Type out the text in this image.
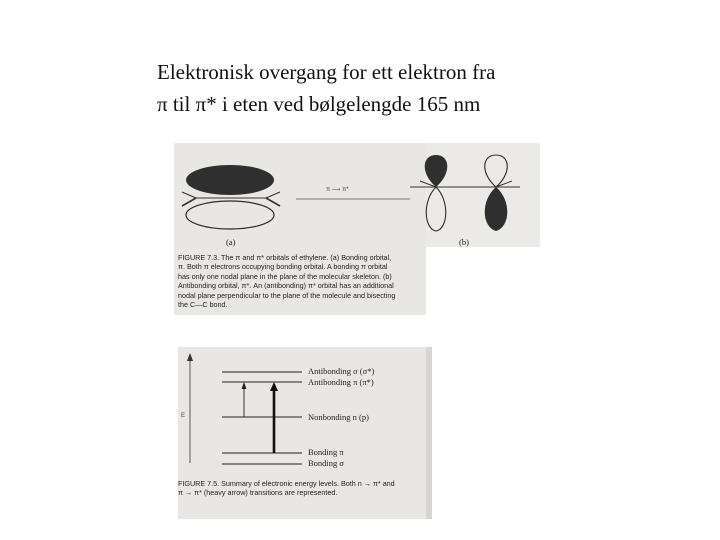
Elektronisk overgang for ett elektron fra
π til π* i eten ved bølgelengde 165 nm
(a)
π ⟶ π*
(b)
FIGURE 7.3. The π and π* orbitals of ethylene. (a) Bonding orbital,
π. Both π electrons occupying bonding orbital. A bonding π orbital
has only one nodal plane in the plane of the molecular skeleton. (b)
Antibonding orbital, π*. An (antibonding) π* orbital has an additional
nodal plane perpendicular to the plane of the molecule and bisecting
the C—C bond.
E
Antibonding σ (σ*)
Antibonding π (π*)
Nonbonding n (p)
Bonding π
Bonding σ
FIGURE 7.5. Summary of electronic energy levels. Both n → π* and
π → π* (heavy arrow) transitions are represented.
